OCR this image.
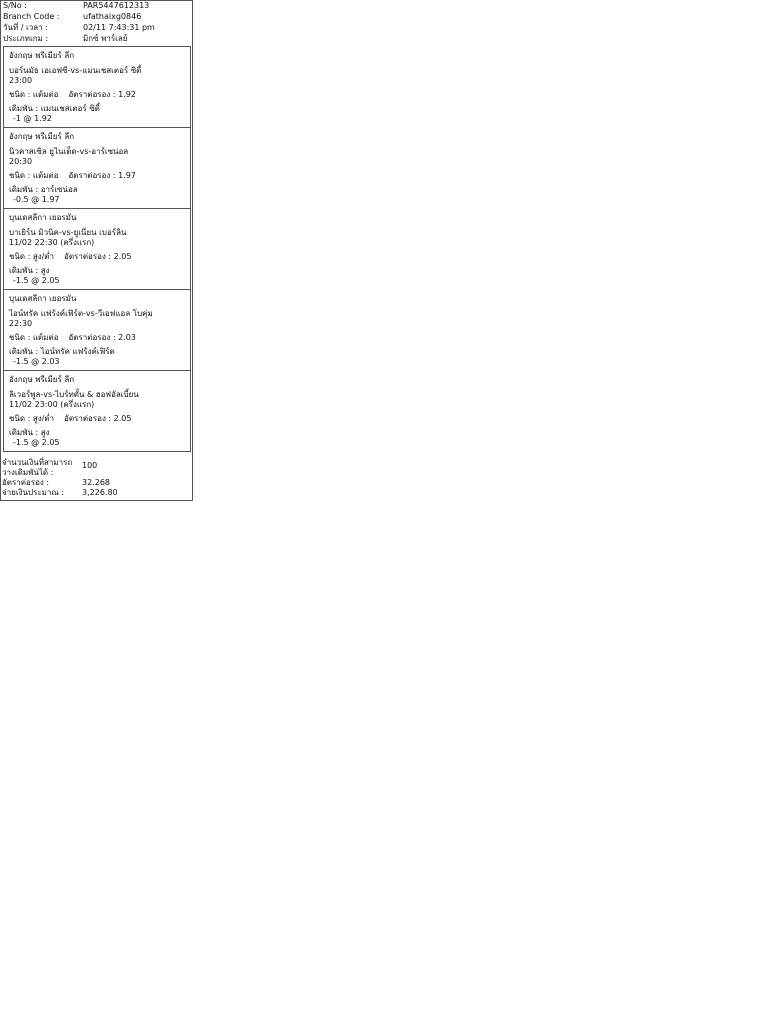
S/No :	PAR5447612313
Branch Code :	ufathaixg0846
วันที่ / เวลา :	02/11 7:43:31 pm
ประเภทเกม :	มิกซ์ พาร์เลย์
อังกฤษ พรีเมียร์ ลีก
บอร์นมัธ เอเอฟซี-vs-แมนเชสเตอร์ ซิตี้
23:00
ชนิด : แต้มต่อ อัตราต่อรอง : 1.92
เดิมพัน : แมนเชสเตอร์ ซิตี้
-1 @ 1.92
อังกฤษ พรีเมียร์ ลีก
นิวคาสเซิล ยูไนเต็ด-vs-อาร์เซน่อล
20:30
ชนิด : แต้มต่อ อัตราต่อรอง : 1.97
เดิมพัน : อาร์เซน่อล
-0.5 @ 1.97
บุนเดสลีกา เยอรมัน
บาเยิร์น มิวนิค-vs-ยูเนี่ยน เบอร์ลิน
11/02 22:30 (ครึ่งแรก)
ชนิด : สูง/ต่ำ อัตราต่อรอง : 2.05
เดิมพัน : สูง
-1.5 @ 2.05
บุนเดสลีกา เยอรมัน
ไอน์ทรัค แฟร้งค์เฟิร์ต-vs-วีเอฟแอล โบคุ่ม
22:30
ชนิด : แต้มต่อ อัตราต่อรอง : 2.03
เดิมพัน : ไอน์ทรัค แฟร้งค์เฟิร์ต
-1.5 @ 2.03
อังกฤษ พรีเมียร์ ลีก
ลิเวอร์พูล-vs-ไบร์ทตั้น & ฮอฟอัลเบี้ยน
11/02 23:00 (ครึ่งแรก)
ชนิด : สูง/ต่ำ อัตราต่อรอง : 2.05
เดิมพัน : สูง
-1.5 @ 2.05
จำนวนเงินที่สามารถวางเดิมพันได้ :
100
อัตราต่อรอง :	32.268
จ่ายเงินประมาณ :	3,226.80
